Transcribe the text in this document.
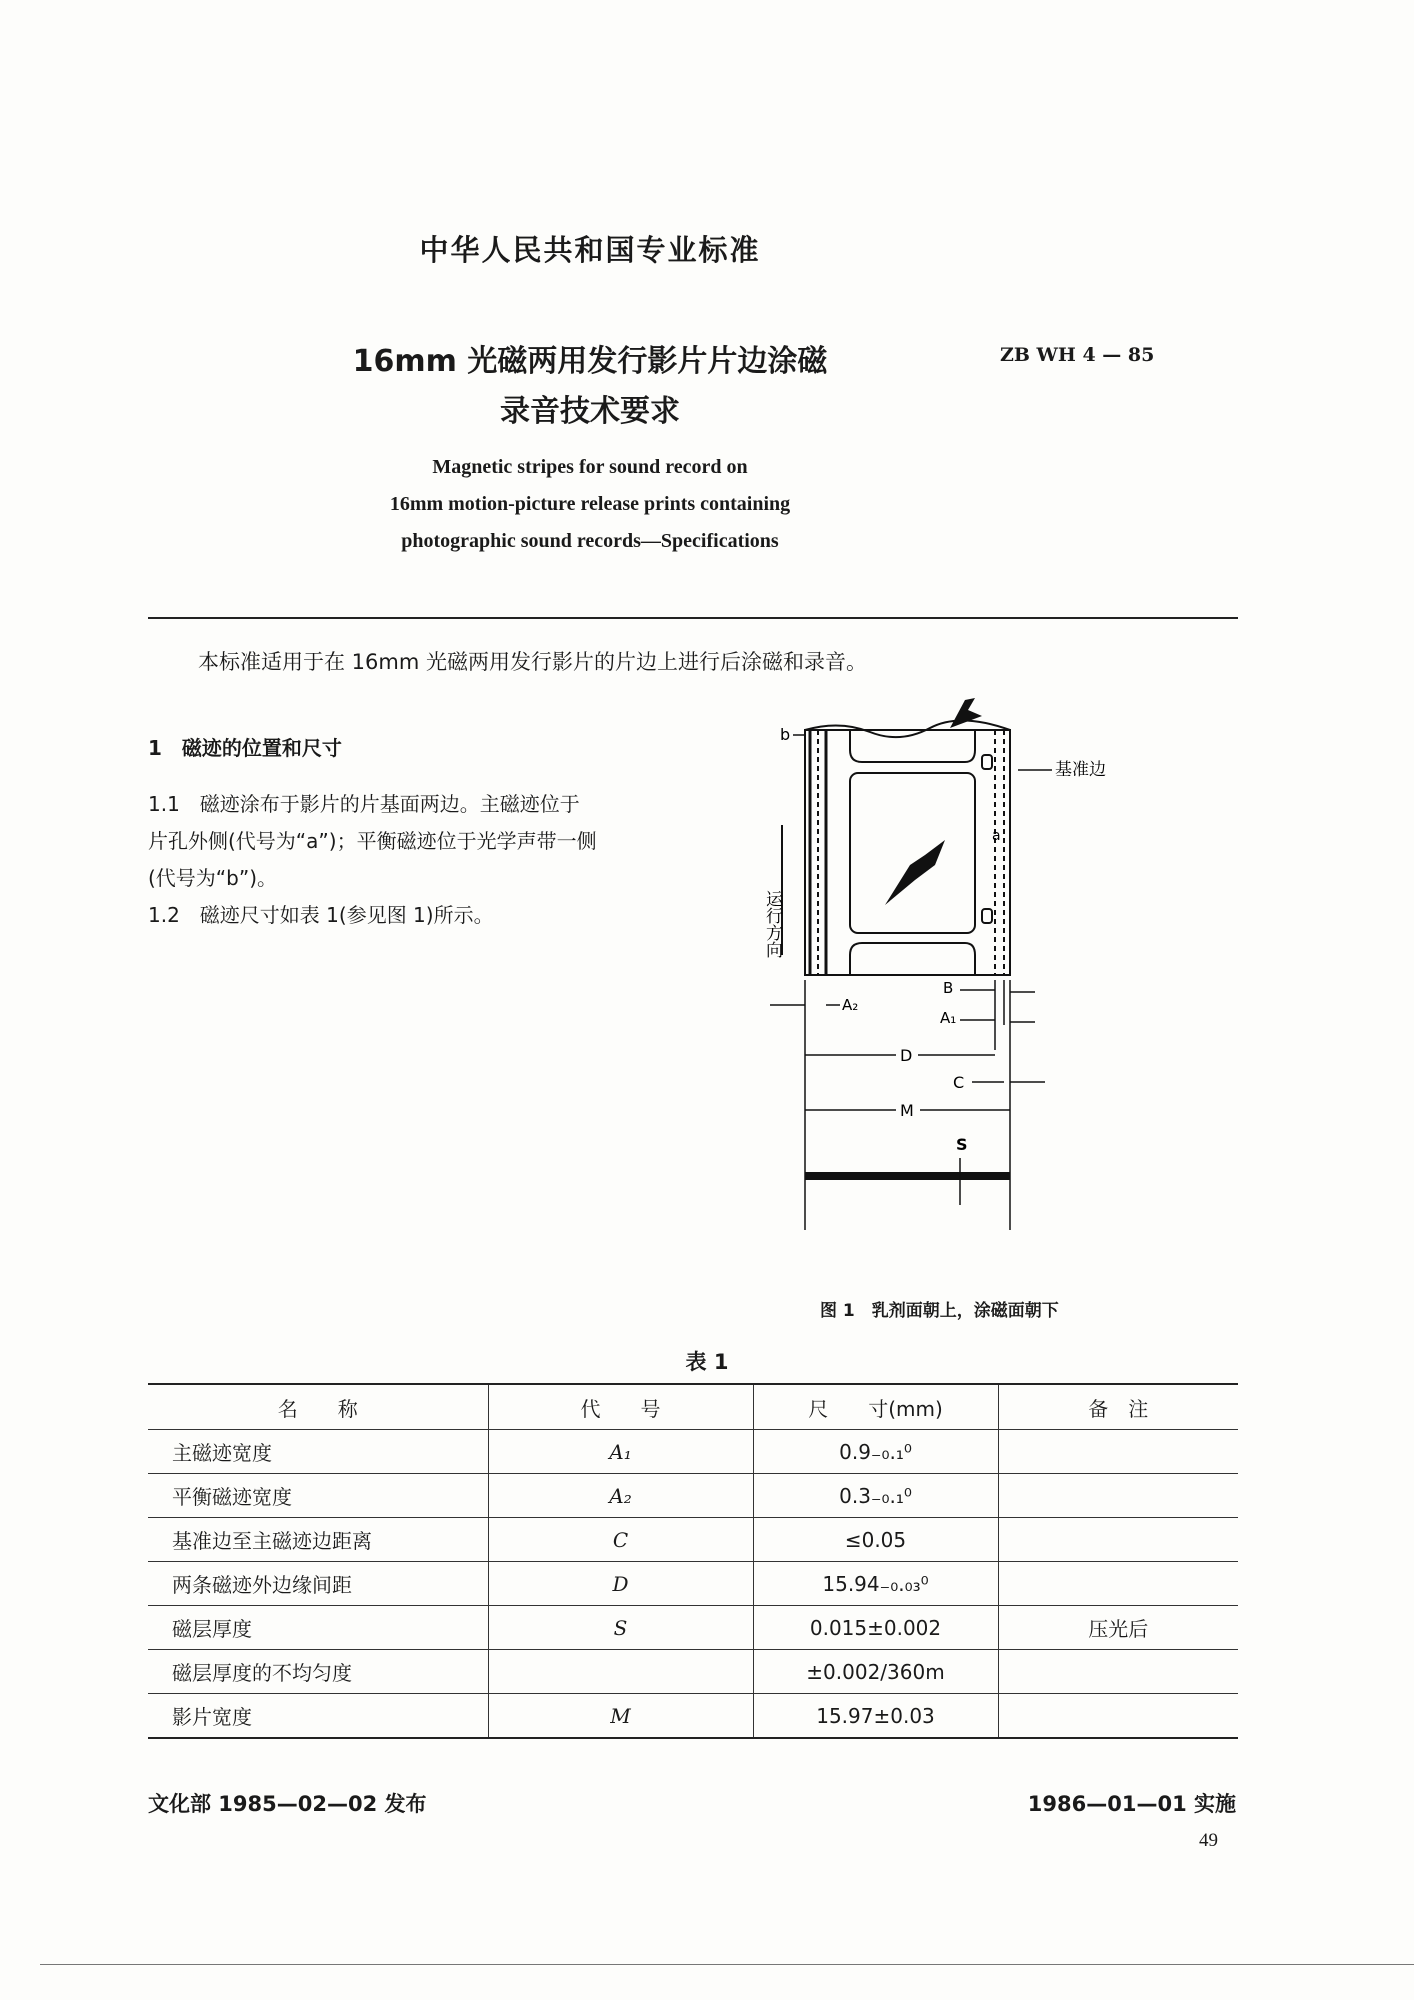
中华人民共和国专业标准
16mm 光磁两用发行影片片边涂磁
录音技术要求
ZB WH 4 — 85
Magnetic stripes for sound record on
16mm motion-picture release prints containing
photographic sound records—Specifications
本标准适用于在 16mm 光磁两用发行影片的片边上进行后涂磁和录音。
1　磁迹的位置和尺寸
1.1　磁迹涂布于影片的片基面两边。主磁迹位于
片孔外侧(代号为“a”)；平衡磁迹位于光学声带一侧
(代号为“b”)。
1.2　磁迹尺寸如表 1(参见图 1)所示。
b
基准边
a
运行方向
A₂
B
A₁
D
C
M
S
图 1　乳剂面朝上，涂磁面朝下
表 1
名　　称	代　　号	尺　　寸(mm)	备　注
主磁迹宽度	A₁	0.9₋₀.₁⁰	
平衡磁迹宽度	A₂	0.3₋₀.₁⁰	
基准边至主磁迹边距离	C	≤0.05	
两条磁迹外边缘间距	D	15.94₋₀.₀₃⁰	
磁层厚度	S	0.015±0.002	压光后
磁层厚度的不均匀度		±0.002/360m	
影片宽度	M	15.97±0.03	
文化部 1985—02—02 发布	1986—01—01 实施
49
